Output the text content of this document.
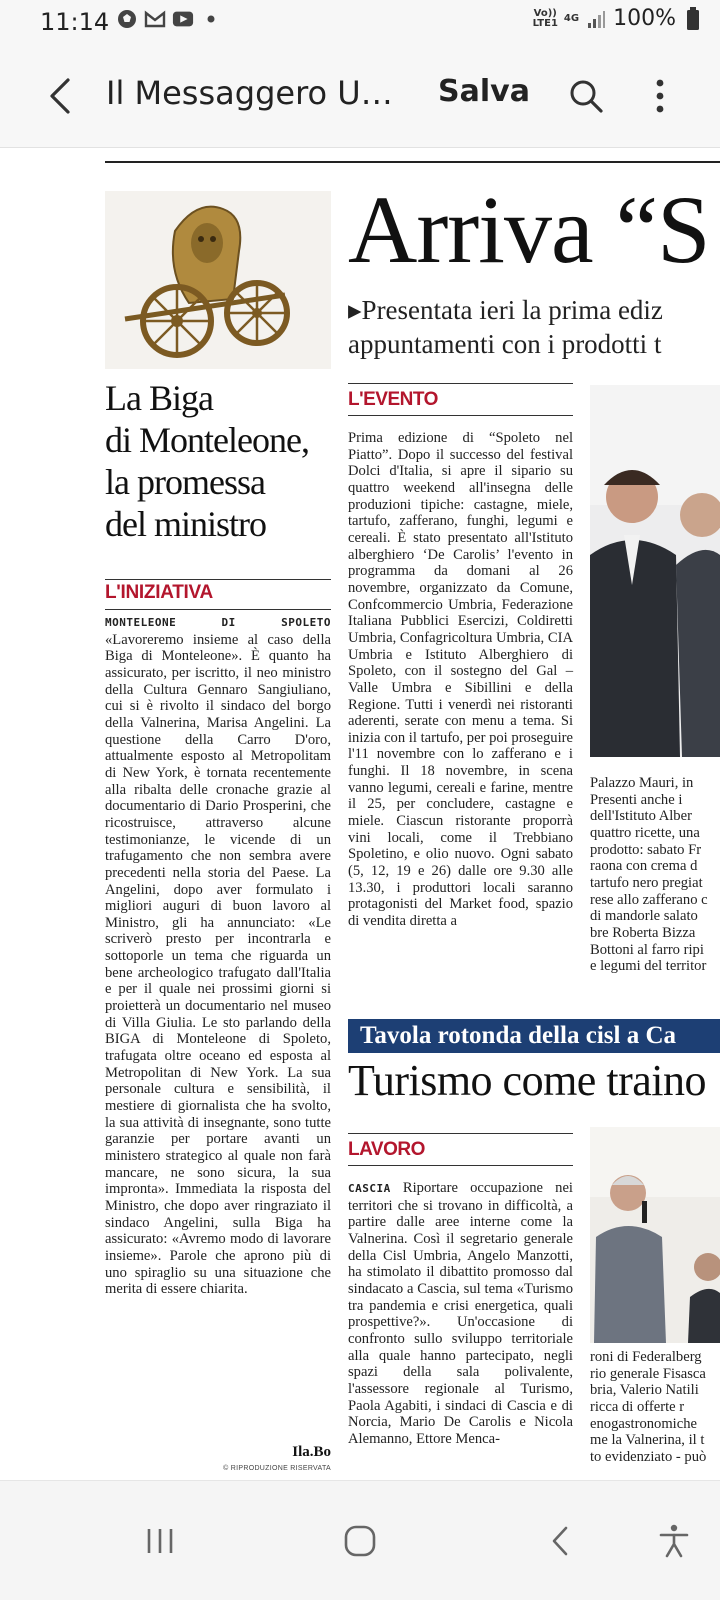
11:14	Vo))
LTE1 4G 100%
Il Messaggero U… Salva
La Biga
di Monteleone,
la promessa
del ministro
L'INIZIATIVA
MONTELEONE DI SPOLETO «Lavoreremo insieme al caso della Biga di Monteleone». È quanto ha assicurato, per iscritto, il neo ministro della Cultura Gennaro Sangiuliano, cui si è rivolto il sindaco del borgo della Valnerina, Marisa Angelini. La questione della Carro D'oro, attualmente esposto al Metropolitam di New York, è tornata recentemente alla ribalta delle cronache grazie al documentario di Dario Prosperini, che ricostruisce, attraverso alcune testimonianze, le vicende di un trafugamento che non sembra avere precedenti nella storia del Paese. La Angelini, dopo aver formulato i migliori auguri di buon lavoro al Ministro, gli ha annunciato: «Le scriverò presto per incontrarla e sottoporle un tema che riguarda un bene archeologico trafugato dall'Italia e per il quale nei prossimi giorni si proietterà un documentario nel museo di Villa Giulia. Le sto parlando della BIGA di Monteleone di Spoleto, trafugata oltre oceano ed esposta al Metropolitan di New York. La sua personale cultura e sensibilità, il mestiere di giornalista che ha svolto, la sua attività di insegnante, sono tutte garanzie per portare avanti un ministero strategico al quale non farà mancare, ne sono sicura, la sua impronta». Immediata la risposta del Ministro, che dopo aver ringraziato il sindaco Angelini, sulla Biga ha assicurato: «Avremo modo di lavorare insieme». Parole che aprono più di uno spiraglio su una situazione che merita di essere chiarita.
Ila.Bo
© RIPRODUZIONE RISERVATA
Arriva “S
▸Presentata ieri la prima ediz
appuntamenti con i prodotti t
L'EVENTO
Prima edizione di “Spoleto nel Piatto”. Dopo il successo del festival Dolci d'Italia, si apre il sipario su quattro weekend all'insegna delle produzioni tipiche: castagne, miele, tartufo, zafferano, funghi, legumi e cereali. È stato presentato all'Istituto alberghiero ‘De Carolis’ l'evento in programma da domani al 26 novembre, organizzato da Comune, Confcommercio Umbria, Federazione Italiana Pubblici Esercizi, Coldiretti Umbria, Confagricoltura Umbria, CIA Umbria e Istituto Alberghiero di Spoleto, con il sostegno del Gal – Valle Umbra e Sibillini e della Regione. Tutti i venerdì nei ristoranti aderenti, serate con menu a tema. Si inizia con il tartufo, per poi proseguire l'11 novembre con lo zafferano e i funghi. Il 18 novembre, in scena vanno legumi, cereali e farine, mentre il 25, per concludere, castagne e miele. Ciascun ristorante proporrà vini locali, come il Trebbiano Spoletino, e olio nuovo. Ogni sabato (5, 12, 19 e 26) dalle ore 9.30 alle 13.30, i produttori locali saranno protagonisti del Market food, spazio di vendita diretta a
Palazzo Mauri, in
Presenti anche i
dell'Istituto Alber
quattro ricette, una
prodotto: sabato Fr
raona con crema d
tartufo nero pregiat
rese allo zafferano c
di mandorle salato
bre Roberta Bizza
Bottoni al farro ripi
e legumi del territor
Tavola rotonda della cisl a Ca
Turismo come traino
LAVORO
CASCIA Riportare occupazione nei territori che si trovano in difficoltà, a partire dalle aree interne come la Valnerina. Così il segretario generale della Cisl Umbria, Angelo Manzotti, ha stimolato il dibattito promosso dal sindacato a Cascia, sul tema «Turismo tra pandemia e crisi energetica, quali prospettive?». Un'occasione di confronto sullo sviluppo territoriale alla quale hanno partecipato, negli spazi della sala polivalente, l'assessore regionale al Turismo, Paola Agabiti, i sindaci di Cascia e di Norcia, Mario De Carolis e Nicola Alemanno, Ettore Menca-
roni di Federalberg
rio generale Fisasca
bria, Valerio Natili
ricca di offerte r
enogastronomiche
me la Valnerina, il t
to evidenziato - può
